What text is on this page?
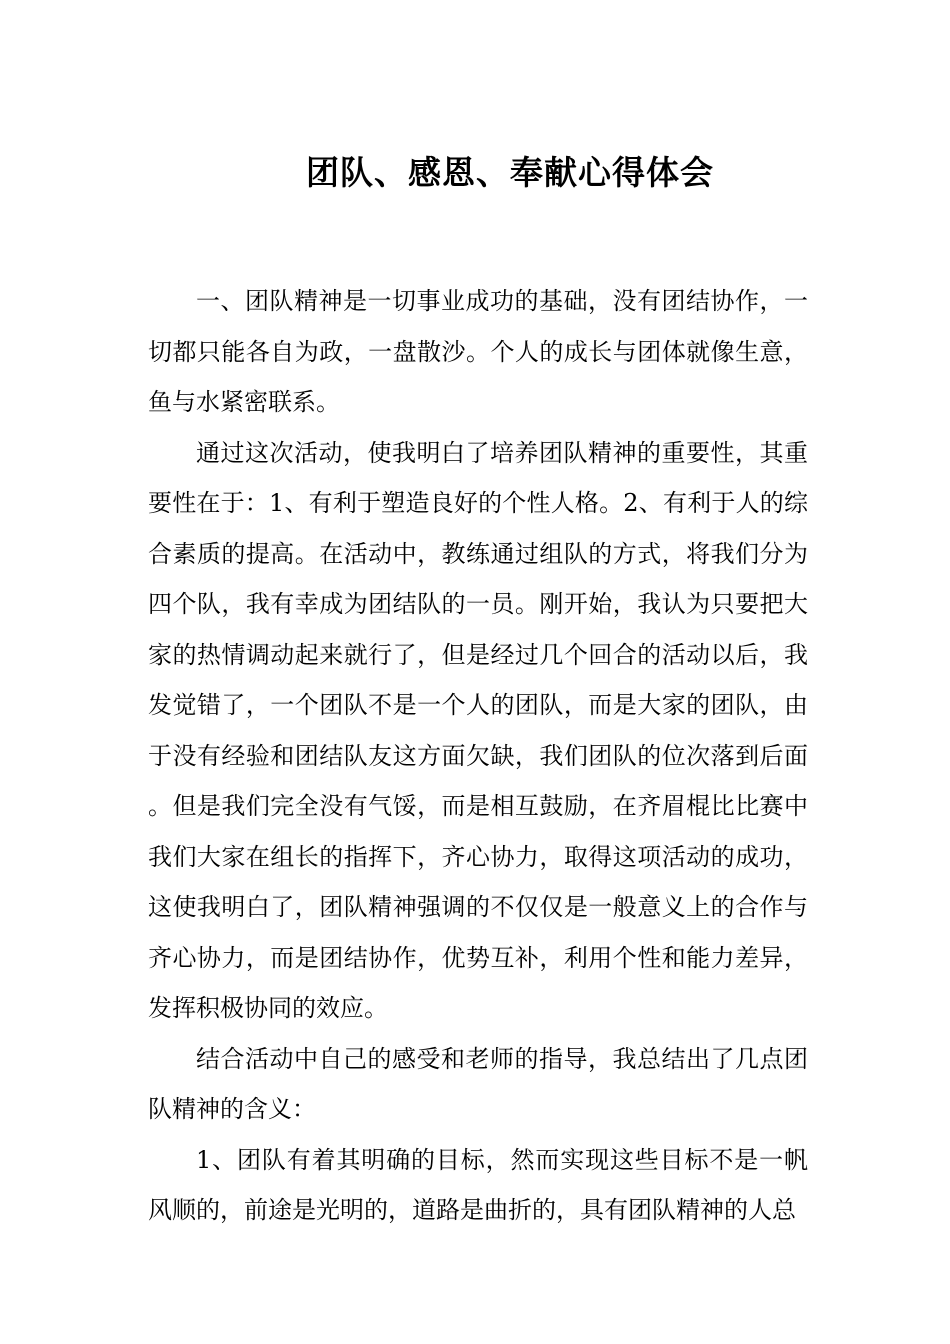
团队、感恩、奉献心得体会

一、团队精神是一切事业成功的基础，没有团结协作，一切都只能各自为政，一盘散沙。个人的成长与团体就像生意，鱼与水紧密联系。

通过这次活动，使我明白了培养团队精神的重要性，其重要性在于：1、有利于塑造良好的个性人格。2、有利于人的综合素质的提高。在活动中，教练通过组队的方式，将我们分为四个队，我有幸成为团结队的一员。刚开始，我认为只要把大家的热情调动起来就行了，但是经过几个回合的活动以后，我发觉错了，一个团队不是一个人的团队，而是大家的团队，由于没有经验和团结队友这方面欠缺，我们团队的位次落到后面。但是我们完全没有气馁，而是相互鼓励，在齐眉棍比比赛中我们大家在组长的指挥下，齐心协力，取得这项活动的成功，这使我明白了，团队精神强调的不仅仅是一般意义上的合作与齐心协力，而是团结协作，优势互补，利用个性和能力差异，发挥积极协同的效应。

结合活动中自己的感受和老师的指导，我总结出了几点团队精神的含义：

1、团队有着其明确的目标，然而实现这些目标不是一帆风顺的，前途是光明的，道路是曲折的，具有团队精神的人总
